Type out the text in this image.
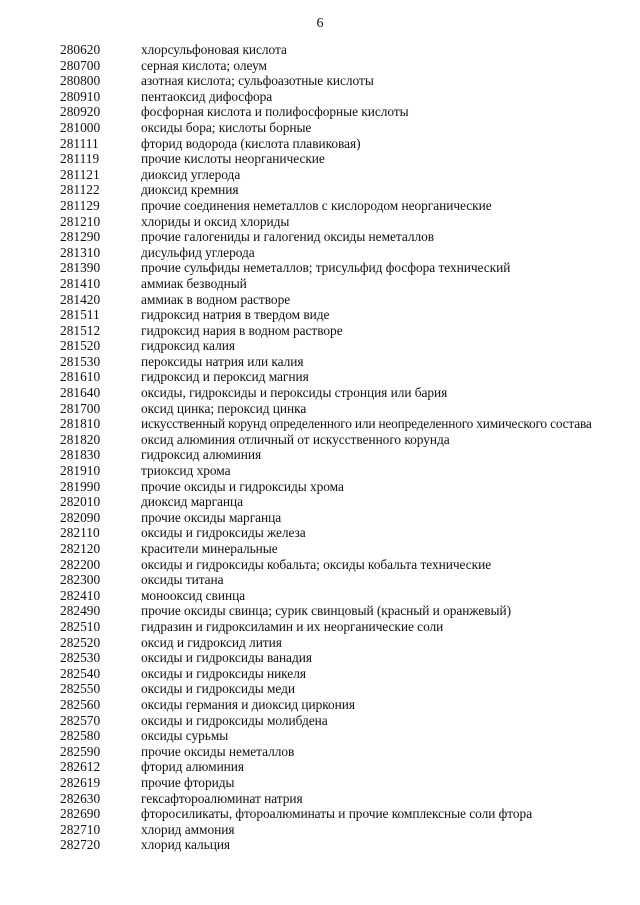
6
280620	хлорсульфоновая кислота
280700	серная кислота; олеум
280800	азотная кислота; сульфоазотные кислоты
280910	пентаоксид дифосфора
280920	фосфорная кислота и полифосфорные кислоты
281000	оксиды бора; кислоты борные
281111	фторид водорода (кислота плавиковая)
281119	прочие кислоты неорганические
281121	диоксид углерода
281122	диоксид кремния
281129	прочие соединения неметаллов с кислородом неорганические
281210	хлориды и оксид хлориды
281290	прочие галогениды и галогенид оксиды неметаллов
281310	дисульфид углерода
281390	прочие сульфиды неметаллов; трисульфид фосфора технический
281410	аммиак безводный
281420	аммиак в водном растворе
281511	гидроксид натрия в твердом виде
281512	гидроксид нария в водном растворе
281520	гидроксид калия
281530	пероксиды натрия или калия
281610	гидроксид и пероксид магния
281640	оксиды, гидроксиды и пероксиды стронция или бария
281700	оксид цинка; пероксид цинка
281810	искусственный корунд определенного или неопределенного химического состава
281820	оксид алюминия отличный от искусственного корунда
281830	гидроксид алюминия
281910	триоксид хрома
281990	прочие оксиды и гидроксиды хрома
282010	диоксид марганца
282090	прочие оксиды марганца
282110	оксиды и гидроксиды железа
282120	красители минеральные
282200	оксиды и гидроксиды кобальта; оксиды кобальта технические
282300	оксиды титана
282410	монооксид свинца
282490	прочие оксиды свинца; сурик свинцовый (красный и оранжевый)
282510	гидразин и гидроксиламин и их неорганические соли
282520	оксид и гидроксид лития
282530	оксиды и гидроксиды ванадия
282540	оксиды и гидроксиды никеля
282550	оксиды и гидроксиды меди
282560	оксиды германия и диоксид циркония
282570	оксиды и гидроксиды молибдена
282580	оксиды сурьмы
282590	прочие оксиды неметаллов
282612	фторид алюминия
282619	прочие фториды
282630	гексафтороалюминат натрия
282690	фторосиликаты, фтороалюминаты и прочие комплексные соли фтора
282710	хлорид аммония
282720	хлорид кальция
